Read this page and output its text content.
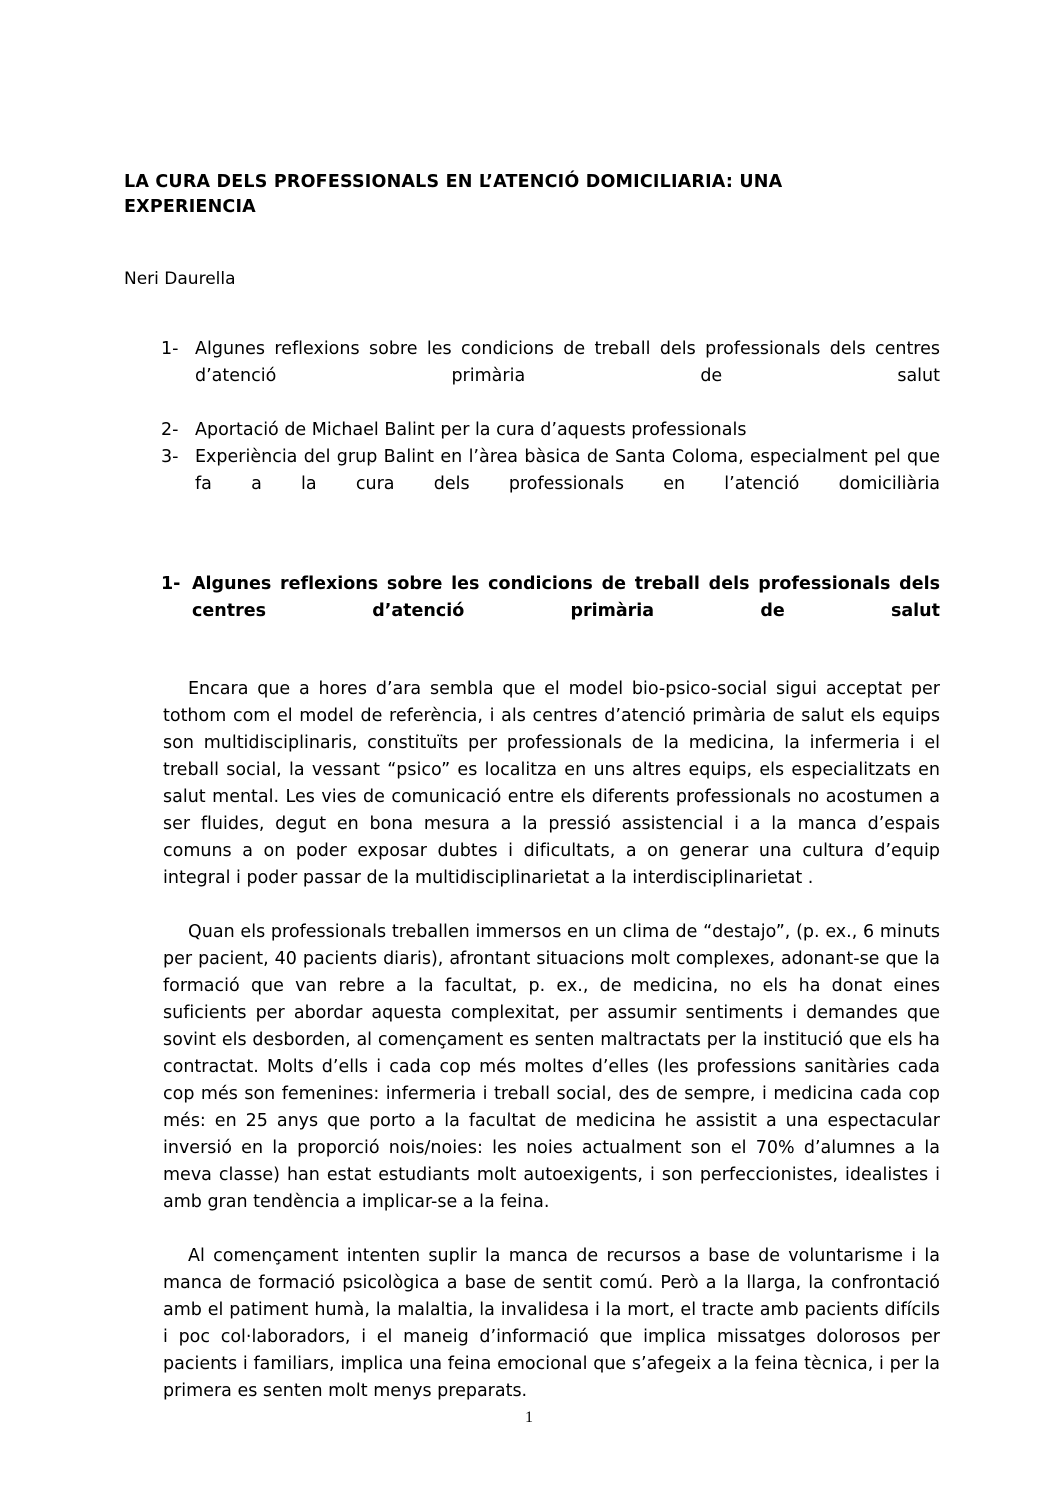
LA CURA DELS PROFESSIONALS EN L’ATENCIÓ DOMICILIARIA: UNA EXPERIENCIA

Neri Daurella

1- Algunes reflexions sobre les condicions de treball dels professionals dels centres d’atenció primària de salut
2- Aportació de Michael Balint per la cura d’aquests professionals
3- Experiència del grup Balint en l’àrea bàsica de Santa Coloma, especialment pel que fa a la cura dels professionals en l’atenció domiciliària
1- Algunes reflexions sobre les condicions de treball dels professionals dels centres d’atenció primària de salut

Encara que a hores d’ara sembla que el model bio-psico-social sigui acceptat per tothom com el model de referència, i als centres d’atenció primària de salut els equips son multidisciplinaris, constituïts per professionals de la medicina, la infermeria i el treball social, la vessant “psico” es localitza en uns altres equips, els especialitzats en salut mental. Les vies de comunicació entre els diferents professionals no acostumen a ser fluides, degut en bona mesura a la pressió assistencial i a la manca d’espais comuns a on poder exposar dubtes i dificultats, a on generar una cultura d’equip integral i poder passar de la multidisciplinarietat a la interdisciplinarietat .

Quan els professionals treballen immersos en un clima de “destajo”, (p. ex., 6 minuts per pacient, 40 pacients diaris), afrontant situacions molt complexes, adonant-se que la formació que van rebre a la facultat, p. ex., de medicina, no els ha donat eines suficients per abordar aquesta complexitat, per assumir sentiments i demandes que sovint els desborden, al començament es senten maltractats per la institució que els ha contractat. Molts d’ells i cada cop més moltes d’elles (les professions sanitàries cada cop més son femenines: infermeria i treball social, des de sempre, i medicina cada cop més: en 25 anys que porto a la facultat de medicina he assistit a una espectacular inversió en la proporció nois/noies: les noies actualment son el 70% d’alumnes a la meva classe) han estat estudiants molt autoexigents, i son perfeccionistes, idealistes i amb gran tendència a implicar-se a la feina.

Al començament intenten suplir la manca de recursos a base de voluntarisme i la manca de formació psicològica a base de sentit comú. Però a la llarga, la confrontació amb el patiment humà, la malaltia, la invalidesa i la mort, el tracte amb pacients difícils i poc col·laboradors, i el maneig d’informació que implica missatges dolorosos per pacients i familiars, implica una feina emocional que s’afegeix a la feina tècnica, i per la primera es senten molt menys preparats.

1
